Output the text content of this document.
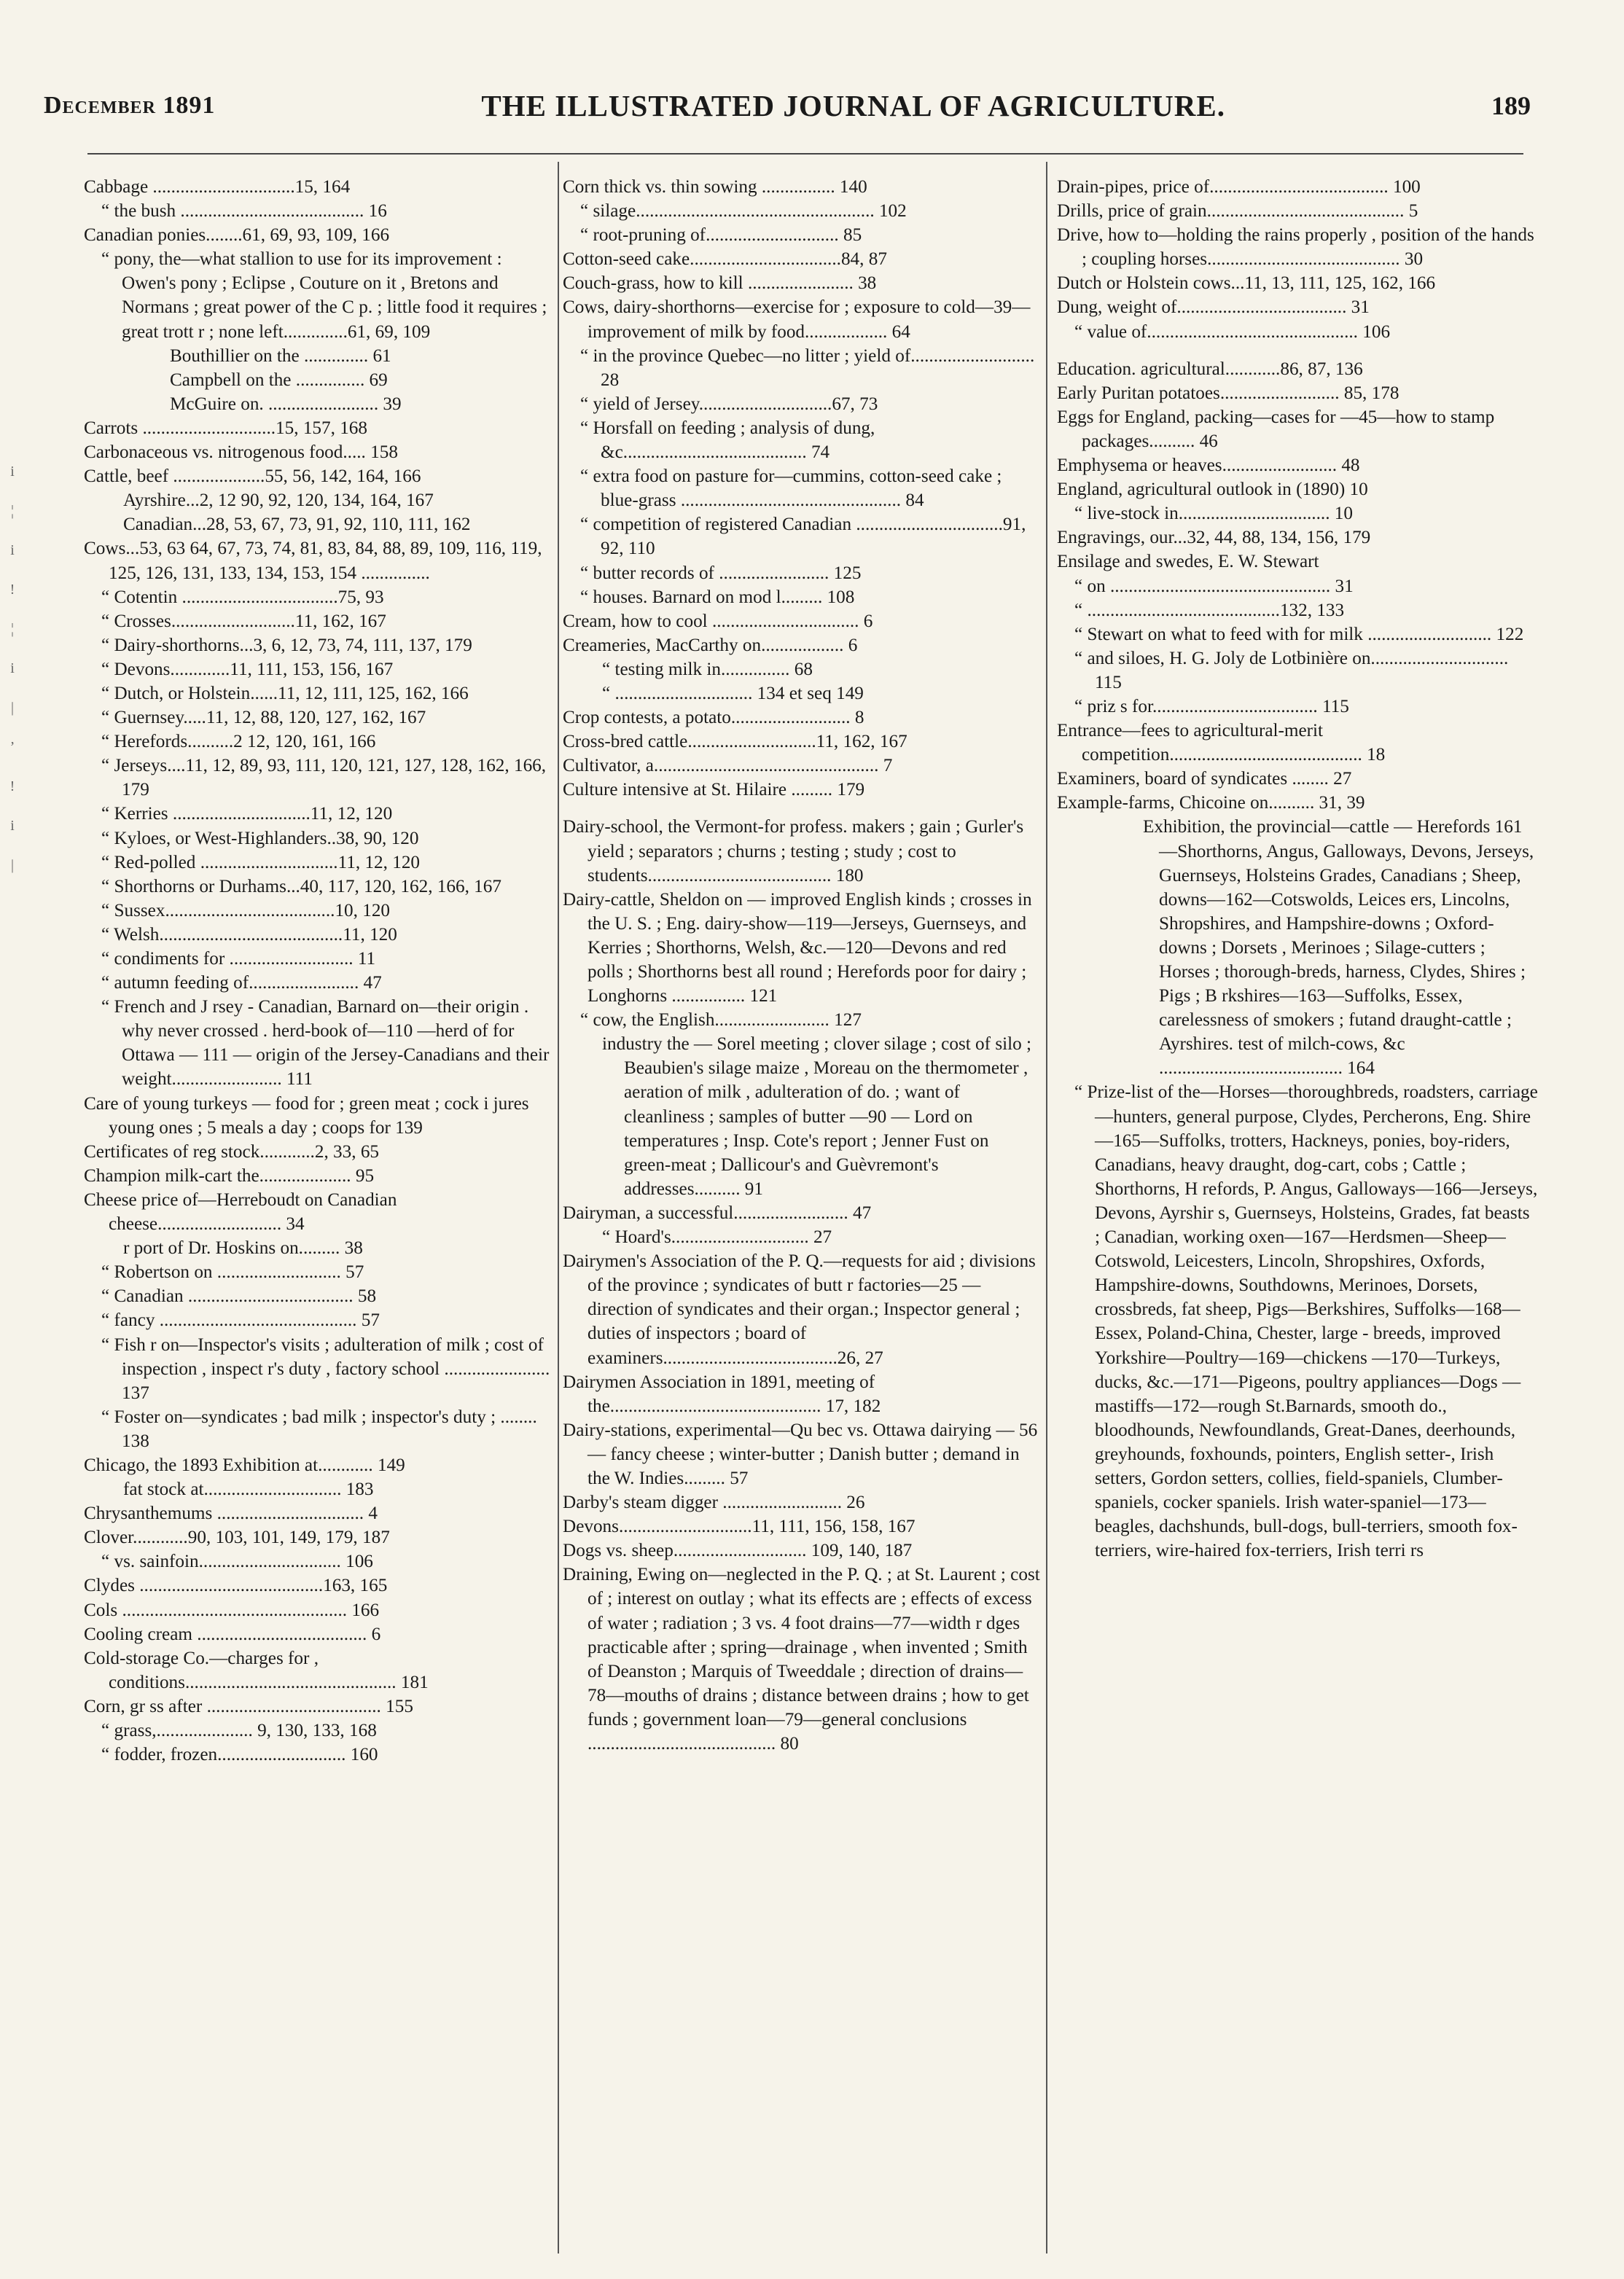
December 1891	THE ILLUSTRATED JOURNAL OF AGRICULTURE.	189

Cabbage ...............................15, 164

“ the bush ........................................ 16

Canadian ponies........61, 69, 93, 109, 166

“ pony, the—what stallion to use for its improvement : Owen's pony ; Eclipse , Couture on it , Bretons and Normans ; great power of the C p. ; little food it requires ; great trott r ; none left..............61, 69, 109

Bouthillier on the .............. 61

Campbell on the ............... 69

McGuire on. ........................ 39

Carrots .............................15, 157, 168

Carbonaceous vs. nitrogenous food..... 158

Cattle, beef ....................55, 56, 142, 164, 166

Ayrshire...2, 12 90, 92, 120, 134, 164, 167

Canadian...28, 53, 67, 73, 91, 92, 110, 111, 162

Cows...53, 63 64, 67, 73, 74, 81, 83, 84, 88, 89, 109, 116, 119, 125, 126, 131, 133, 134, 153, 154 ...............

“ Cotentin ..................................75, 93

“ Crosses...........................11, 162, 167

“ Dairy-shorthorns...3, 6, 12, 73, 74, 111, 137, 179

“ Devons.............11, 111, 153, 156, 167

“ Dutch, or Holstein......11, 12, 111, 125, 162, 166

“ Guernsey.....11, 12, 88, 120, 127, 162, 167

“ Herefords..........2 12, 120, 161, 166

“ Jerseys....11, 12, 89, 93, 111, 120, 121, 127, 128, 162, 166, 179

“ Kerries ..............................11, 12, 120

“ Kyloes, or West-Highlanders..38, 90, 120

“ Red-polled ..............................11, 12, 120

“ Shorthorns or Durhams...40, 117, 120, 162, 166, 167

“ Sussex.....................................10, 120

“ Welsh........................................11, 120

“ condiments for ........................... 11

“ autumn feeding of........................ 47

“ French and J rsey - Canadian, Barnard on—their origin . why never crossed . herd-book of—110 —herd of for Ottawa — 111 — origin of the Jersey-Canadians and their weight........................ 111

Care of young turkeys — food for ; green meat ; cock i jures young ones ; 5 meals a day ; coops for 139

Certificates of reg stock............2, 33, 65

Champion milk-cart the.................... 95

Cheese price of—Herreboudt on Canadian cheese........................... 34

r port of Dr. Hoskins on......... 38

“ Robertson on ........................... 57

“ Canadian .................................... 58

“ fancy ........................................... 57

“ Fish r on—Inspector's visits ; adulteration of milk ; cost of inspection , inspect r's duty , factory school ....................... 137

“ Foster on—syndicates ; bad milk ; inspector's duty ; ........ 138

Chicago, the 1893 Exhibition at............ 149

fat stock at.............................. 183

Chrysanthemums ................................ 4

Clover............90, 103, 101, 149, 179, 187

“ vs. sainfoin............................... 106

Clydes ........................................163, 165

Cols ................................................. 166

Cooling cream ..................................... 6

Cold-storage Co.—charges for , conditions.............................................. 181

Corn, gr ss after ...................................... 155

“ grass,..................... 9, 130, 133, 168

“ fodder, frozen............................ 160

Corn thick vs. thin sowing ................ 140

“ silage.................................................... 102

“ root-pruning of............................. 85

Cotton-seed cake.................................84, 87

Couch-grass, how to kill ....................... 38

Cows, dairy-shorthorns—exercise for ; exposure to cold—39—improvement of milk by food.................. 64

“ in the province Quebec—no litter ; yield of........................... 28

“ yield of Jersey.............................67, 73

“ Horsfall on feeding ; analysis of dung, &c........................................ 74

“ extra food on pasture for—cummins, cotton-seed cake ; blue-grass ................................................ 84

“ competition of registered Canadian ................................91, 92, 110

“ butter records of ........................ 125

“ houses. Barnard on mod l......... 108

Cream, how to cool ................................ 6

Creameries, MacCarthy on.................. 6

“ testing milk in............... 68

“ .............................. 134 et seq 149

Crop contests, a potato.......................... 8

Cross-bred cattle............................11, 162, 167

Cultivator, a................................................. 7

Culture intensive at St. Hilaire ......... 179

Dairy-school, the Vermont-for profess. makers ; gain ; Gurler's yield ; separators ; churns ; testing ; study ; cost to students........................................ 180

Dairy-cattle, Sheldon on — improved English kinds ; crosses in the U. S. ; Eng. dairy-show—119—Jerseys, Guernseys, and Kerries ; Shorthorns, Welsh, &c.—120—Devons and red polls ; Shorthorns best all round ; Herefords poor for dairy ; Longhorns ................ 121

“ cow, the English......................... 127

industry the — Sorel meeting ; clover silage ; cost of silo ; Beaubien's silage maize , Moreau on the thermometer , aeration of milk , adulteration of do. ; want of cleanliness ; samples of butter —90 — Lord on temperatures ; Insp. Cote's report ; Jenner Fust on green-meat ; Dallicour's and Guèvremont's addresses.......... 91

Dairyman, a successful......................... 47

“ Hoard's.............................. 27

Dairymen's Association of the P. Q.—requests for aid ; divisions of the province ; syndicates of butt r factories—25 — direction of syndicates and their organ.; Inspector general ; duties of inspectors ; board of examiners......................................26, 27

Dairymen Association in 1891, meeting of the.............................................. 17, 182

Dairy-stations, experimental—Qu bec vs. Ottawa dairying — 56 — fancy cheese ; winter-butter ; Danish butter ; demand in the W. Indies......... 57

Darby's steam digger .......................... 26

Devons.............................11, 111, 156, 158, 167

Dogs vs. sheep............................. 109, 140, 187

Draining, Ewing on—neglected in the P. Q. ; at St. Laurent ; cost of ; interest on outlay ; what its effects are ; effects of excess of water ; radiation ; 3 vs. 4 foot drains—77—width r dges practicable after ; spring—drainage , when invented ; Smith of Deanston ; Marquis of Tweeddale ; direction of drains—78—mouths of drains ; distance between drains ; how to get funds ; government loan—79—general conclusions ......................................... 80

Drain-pipes, price of....................................... 100

Drills, price of grain........................................... 5

Drive, how to—holding the rains properly , position of the hands ; coupling horses.......................................... 30

Dutch or Holstein cows...11, 13, 111, 125, 162, 166

Dung, weight of..................................... 31

“ value of.............................................. 106

Education. agricultural............86, 87, 136

Early Puritan potatoes.......................... 85, 178

Eggs for England, packing—cases for —45—how to stamp packages.......... 46

Emphysema or heaves......................... 48

England, agricultural outlook in (1890) 10

“ live-stock in................................. 10

Engravings, our...32, 44, 88, 134, 156, 179

Ensilage and swedes, E. W. Stewart

“ on ................................................ 31

“ ..........................................132, 133

“ Stewart on what to feed with for milk ........................... 122

“ and siloes, H. G. Joly de Lotbinière on.............................. 115

“ priz s for.................................... 115

Entrance—fees to agricultural-merit competition.......................................... 18

Examiners, board of syndicates ........ 27

Example-farms, Chicoine on.......... 31, 39

Exhibition, the provincial—cattle — Herefords 161—Shorthorns, Angus, Galloways, Devons, Jerseys, Guernseys, Holsteins Grades, Canadians ; Sheep, downs—162—Cotswolds, Leices ers, Lincolns, Shropshires, and Hampshire-downs ; Oxford-downs ; Dorsets , Merinoes ; Silage-cutters ; Horses ; thorough-breds, harness, Clydes, Shires ; Pigs ; B rkshires—163—Suffolks, Essex, carelessness of smokers ; futand draught-cattle ; Ayrshires. test of milch-cows, &c ........................................ 164

“ Prize-list of the—Horses—thoroughbreds, roadsters, carriage—hunters, general purpose, Clydes, Percherons, Eng. Shire—165—Suffolks, trotters, Hackneys, ponies, boy-riders, Canadians, heavy draught, dog-cart, cobs ; Cattle ; Shorthorns, H refords, P. Angus, Galloways—166—Jerseys, Devons, Ayrshir s, Guernseys, Holsteins, Grades, fat beasts ; Canadian, working oxen—167—Herdsmen—Sheep—Cotswold, Leicesters, Lincoln, Shropshires, Oxfords, Hampshire-downs, Southdowns, Merinoes, Dorsets, crossbreds, fat sheep, Pigs—Berkshires, Suffolks—168—Essex, Poland-China, Chester, large - breeds, improved Yorkshire—Poultry—169—chickens —170—Turkeys, ducks, &c.—171—Pigeons, poultry appliances—Dogs —mastiffs—172—rough St.Barnards, smooth do., bloodhounds, Newfoundlands, Great-Danes, deerhounds, greyhounds, foxhounds, pointers, English setter-, Irish setters, Gordon setters, collies, field-spaniels, Clumber-spaniels, cocker spaniels. Irish water-spaniel—173—beagles, dachshunds, bull-dogs, bull-terriers, smooth fox-terriers, wire-haired fox-terriers, Irish terri rs

i
¦
i
!
¦
i
|
’
!
i
|
